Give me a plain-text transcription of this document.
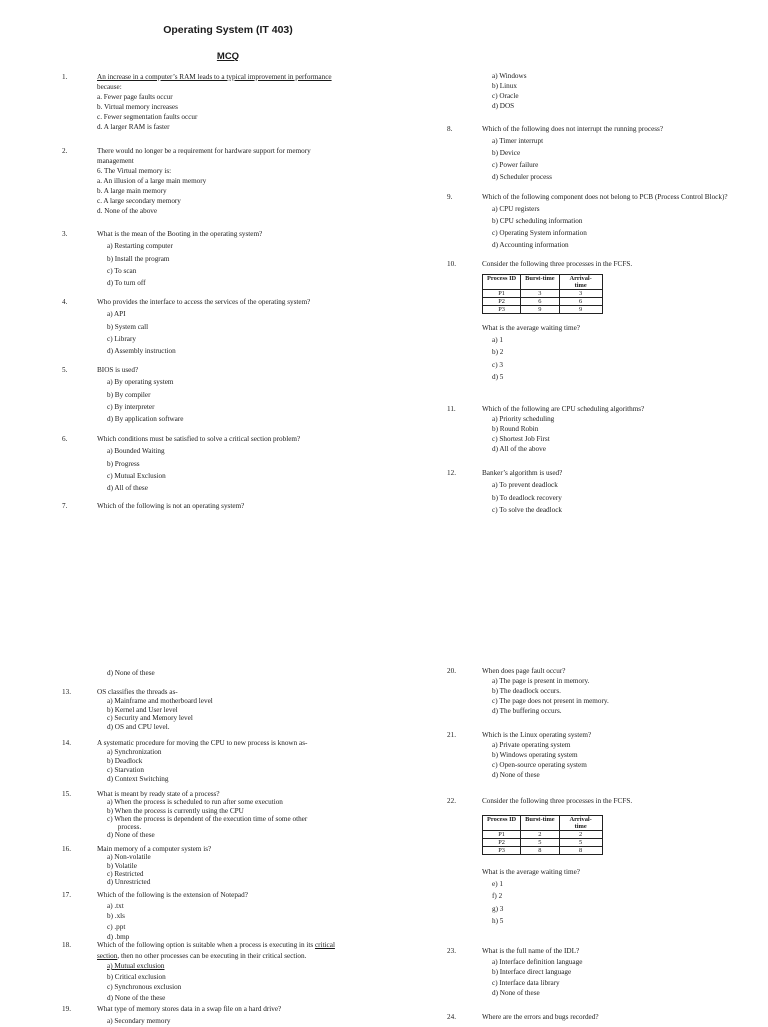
Operating System (IT 403)
MCQ
1.	An increase in a computer’s RAM leads to a typical improvement in performance
because:
a. Fewer page faults occur
b. Virtual memory increases
c. Fewer segmentation faults occur
d. A larger RAM is faster
2.	There would no longer be a requirement for hardware support for memory
management
6. The Virtual memory is:
a. An illusion of a large main memory
b. A large main memory
c. A large secondary memory
d. None of the above
3.	What is the mean of the Booting in the operating system?
a) Restarting computer
b) Install the program
c) To scan
d) To turn off
4.	Who provides the interface to access the services of the operating system?
a) API
b) System call
c) Library
d) Assembly instruction
5.	BIOS is used?
a) By operating system
b) By compiler
c) By interpreter
d) By application software
6.	Which conditions must be satisfied to solve a critical section problem?
a) Bounded Waiting
b) Progress
c) Mutual Exclusion
d) All of these
7.	Which of the following is not an operating system?
a) Windows
b) Linux
c) Oracle
d) DOS
8.	Which of the following does not interrupt the running process?
a) Timer interrupt
b) Device
c) Power failure
d) Scheduler process
9.	Which of the following component does not belong to PCB (Process Control Block)?
a) CPU registers
b) CPU scheduling information
c) Operating System information
d) Accounting information
10.	Consider the following three processes in the FCFS.
Process ID	Burst-time	Arrival-time
P1	3	3
P2	6	6
P3	9	9
What is the average waiting time?
a) 1
b) 2
c) 3
d) 5
11.	Which of the following are CPU scheduling algorithms?
a) Priority scheduling
b) Round Robin
c) Shortest Job First
d) All of the above
12.	Banker’s algorithm is used?
a) To prevent deadlock
b) To deadlock recovery
c) To solve the deadlock
d) None of these
13.	OS classifies the threads as-
a) Mainframe and motherboard level
b) Kernel and User level
c) Security and Memory level
d) OS and CPU level.
14.	A systematic procedure for moving the CPU to new process is known as-
a) Synchronization
b) Deadlock
c) Starvation
d) Context Switching
15.	What is meant by ready state of a process?
a) When the process is scheduled to run after some execution
b) When the process is currently using the CPU
c) When the process is dependent of the execution time of some other
process.
d) None of these
16.	Main memory of a computer system is?
a) Non-volatile
b) Volatile
c) Restricted
d) Unrestricted
17.	Which of the following is the extension of Notepad?
a) .txt
b) .xls
c) .ppt
d) .bmp
18.	Which of the following option is suitable when a process is executing in its critical
section, then no other processes can be executing in their critical section.
a) Mutual exclusion
b) Critical exclusion
c) Synchronous exclusion
d) None of the these
19.	What type of memory stores data in a swap file on a hard drive?
a) Secondary memory
20.	When does page fault occur?
a) The page is present in memory.
b) The deadlock occurs.
c) The page does not present in memory.
d) The buffering occurs.
21.	Which is the Linux operating system?
a) Private operating system
b) Windows operating system
c) Open-source operating system
d) None of these
22.	Consider the following three processes in the FCFS.
Process ID	Burst-time	Arrival-time
P1	2	2
P2	5	5
P3	8	8
What is the average waiting time?
e) 1
f) 2
g) 3
h) 5
23.	What is the full name of the IDL?
a) Interface definition language
b) Interface direct language
c) Interface data library
d) None of these
24.	Where are the errors and bugs recorded?
